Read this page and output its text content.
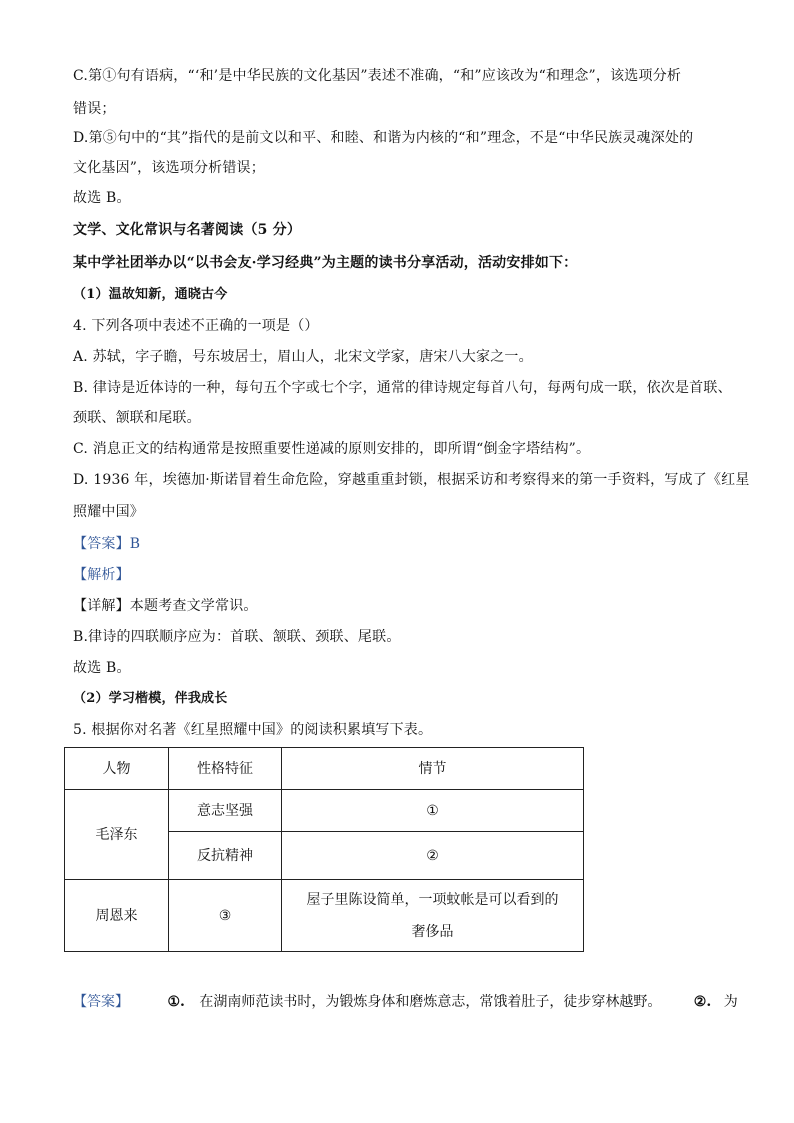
C.第①句有语病，“‘和’是中华民族的文化基因”表述不准确，“和”应该改为“和理念”，该选项分析
错误；
D.第⑤句中的“其”指代的是前文以和平、和睦、和谐为内核的“和”理念，不是“中华民族灵魂深处的
文化基因”，该选项分析错误；
故选 B。
文学、文化常识与名著阅读（5 分）
某中学社团举办以“以书会友·学习经典”为主题的读书分享活动，活动安排如下：
（1）温故知新，通晓古今
4. 下列各项中表述不正确的一项是（）
A. 苏轼，字子瞻，号东坡居士，眉山人，北宋文学家，唐宋八大家之一。
B. 律诗是近体诗的一种，每句五个字或七个字，通常的律诗规定每首八句，每两句成一联，依次是首联、
颈联、颔联和尾联。
C. 消息正文的结构通常是按照重要性递减的原则安排的，即所谓“倒金字塔结构”。
D. 1936 年，埃德加·斯诺冒着生命危险，穿越重重封锁，根据采访和考察得来的第一手资料，写成了《红星
照耀中国》
【答案】B
【解析】
【详解】本题考查文学常识。
B.律诗的四联顺序应为：首联、颔联、颈联、尾联。
故选 B。
（2）学习楷模，伴我成长
5. 根据你对名著《红星照耀中国》的阅读积累填写下表。
人物	性格特征	情节
毛泽东	意志坚强	①
	反抗精神	②
周恩来	③	屋子里陈设简单，一项蚊帐是可以看到的奢侈品
【答案】	①. 在湖南师范读书时，为锻炼身体和磨炼意志，常饿着肚子，徒步穿林越野。 ②. 为
